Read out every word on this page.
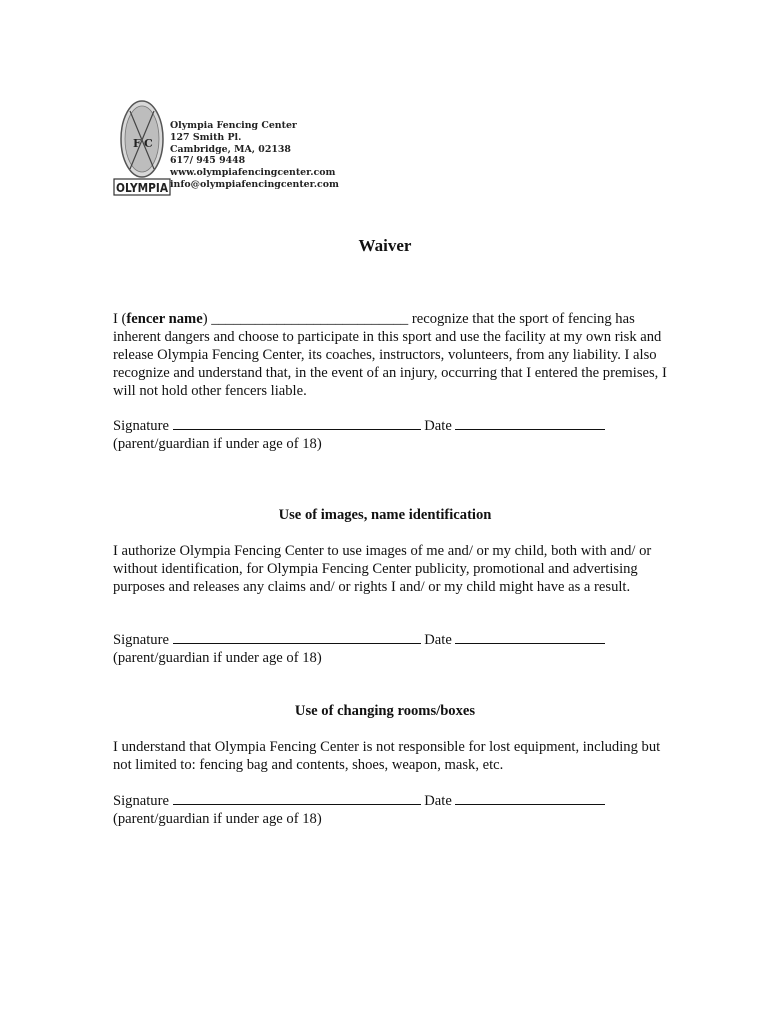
F C
OLYMPIA
Olympia Fencing Center
127 Smith Pl.
Cambridge, MA, 02138
617/ 945 9448
www.olympiafencingcenter.com
info@olympiafencingcenter.com
Waiver

I (fencer name) ___________________________ recognize that the sport of fencing has inherent dangers and choose to participate in this sport and use the facility at my own risk and release Olympia Fencing Center, its coaches, instructors, volunteers, from any liability. I also recognize and understand that, in the event of an injury, occurring that I entered the premises, I will not hold other fencers liable.

Signature	Date
(parent/guardian if under age of 18)
Use of images, name identification

I authorize Olympia Fencing Center to use images of me and/ or my child, both with and/ or without identification, for Olympia Fencing Center publicity, promotional and advertising purposes and releases any claims and/ or rights I and/ or my child might have as a result.

Signature	Date
(parent/guardian if under age of 18)
Use of changing rooms/boxes

I understand that Olympia Fencing Center is not responsible for lost equipment, including but not limited to: fencing bag and contents, shoes, weapon, mask, etc.

Signature	Date
(parent/guardian if under age of 18)
